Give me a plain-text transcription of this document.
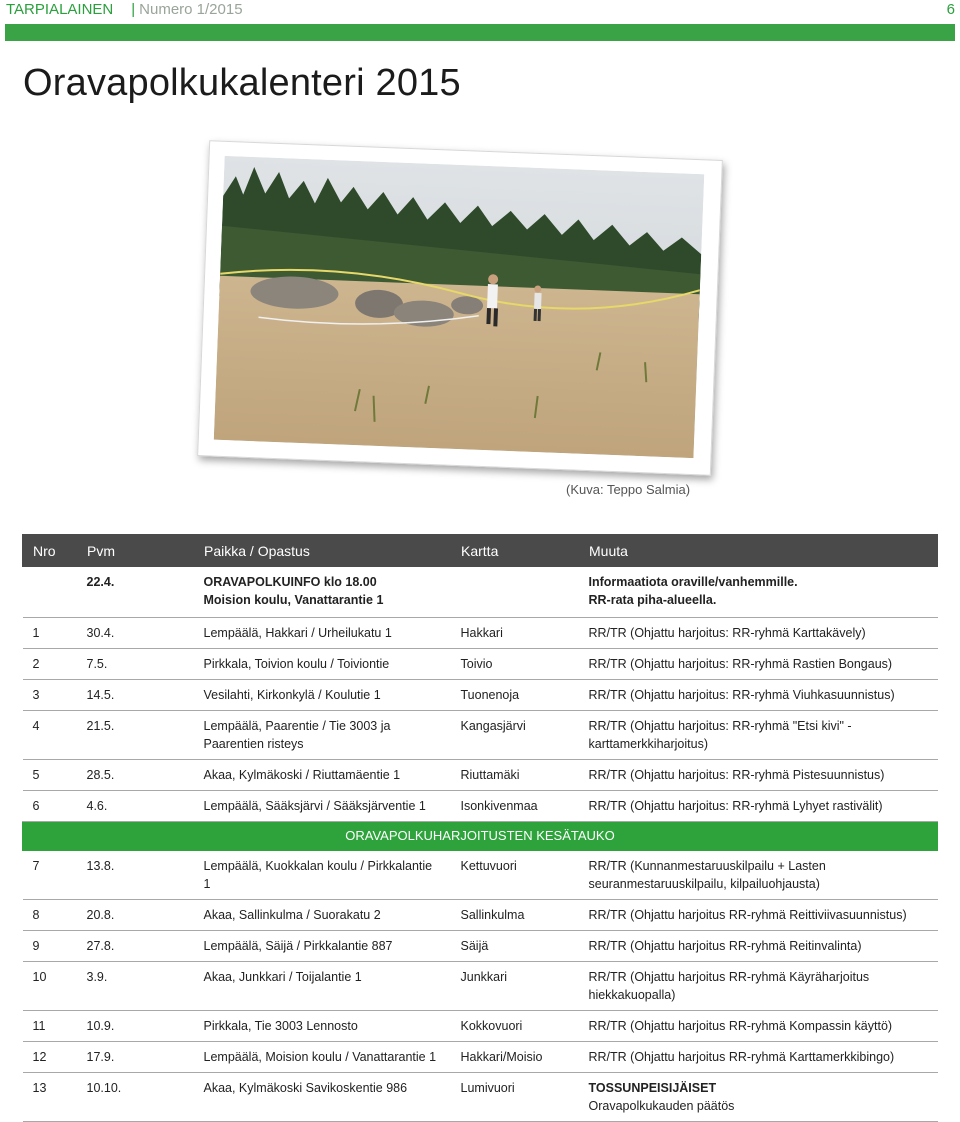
TARPIALAINEN | Numero 1/2015	6
Oravapolkukalenteri 2015
(Kuva: Teppo Salmia)
Nro	Pvm	Paikka / Opastus	Kartta	Muuta
	22.4.	ORAVAPOLKUINFO klo 18.00
Moision koulu, Vanattarantie 1		Informaatiota oraville/vanhemmille.
RR-rata piha-alueella.

1	30.4.	Lempäälä, Hakkari / Urheilukatu 1	Hakkari	RR/TR (Ohjattu harjoitus: RR-ryhmä Karttakävely)

2	7.5.	Pirkkala, Toivion koulu / Toiviontie	Toivio	RR/TR (Ohjattu harjoitus: RR-ryhmä Rastien Bongaus)

3	14.5.	Vesilahti, Kirkonkylä / Koulutie 1	Tuonenoja	RR/TR (Ohjattu harjoitus: RR-ryhmä Viuhkasuunnistus)

4	21.5.	Lempäälä, Paarentie / Tie 3003 ja
Paarentien risteys	Kangasjärvi	RR/TR (Ohjattu harjoitus: RR-ryhmä "Etsi kivi" -
karttamerkkiharjoitus)

5	28.5.	Akaa, Kylmäkoski / Riuttamäentie 1	Riuttamäki	RR/TR (Ohjattu harjoitus: RR-ryhmä Pistesuunnistus)

6	4.6.	Lempäälä, Sääksjärvi / Sääksjärventie 1	Isonkivenmaa	RR/TR (Ohjattu harjoitus: RR-ryhmä Lyhyet rastivälit)

ORAVAPOLKUHARJOITUSTEN KESÄTAUKO				
7	13.8.	Lempäälä, Kuokkalan koulu / Pirkkalantie 1	Kettuvuori	RR/TR (Kunnanmestaruuskilpailu + Lasten
seuranmestaruuskilpailu, kilpailuohjausta)

8	20.8.	Akaa, Sallinkulma / Suorakatu 2	Sallinkulma	RR/TR (Ohjattu harjoitus RR-ryhmä Reittiviivasuunnistus)

9	27.8.	Lempäälä, Säijä / Pirkkalantie 887	Säijä	RR/TR (Ohjattu harjoitus RR-ryhmä Reitinvalinta)

10	3.9.	Akaa, Junkkari / Toijalantie 1	Junkkari	RR/TR (Ohjattu harjoitus RR-ryhmä Käyräharjoitus
hiekkakuopalla)

11	10.9.	Pirkkala, Tie 3003 Lennosto	Kokkovuori	RR/TR (Ohjattu harjoitus RR-ryhmä Kompassin käyttö)

12	17.9.	Lempäälä, Moision koulu / Vanattarantie 1	Hakkari/Moisio	RR/TR (Ohjattu harjoitus RR-ryhmä Karttamerkkibingo)

13	10.10.	Akaa, Kylmäkoski Savikoskentie 986	Lumivuori	TOSSUNPEISIJÄISET
Oravapolkukauden päätös
